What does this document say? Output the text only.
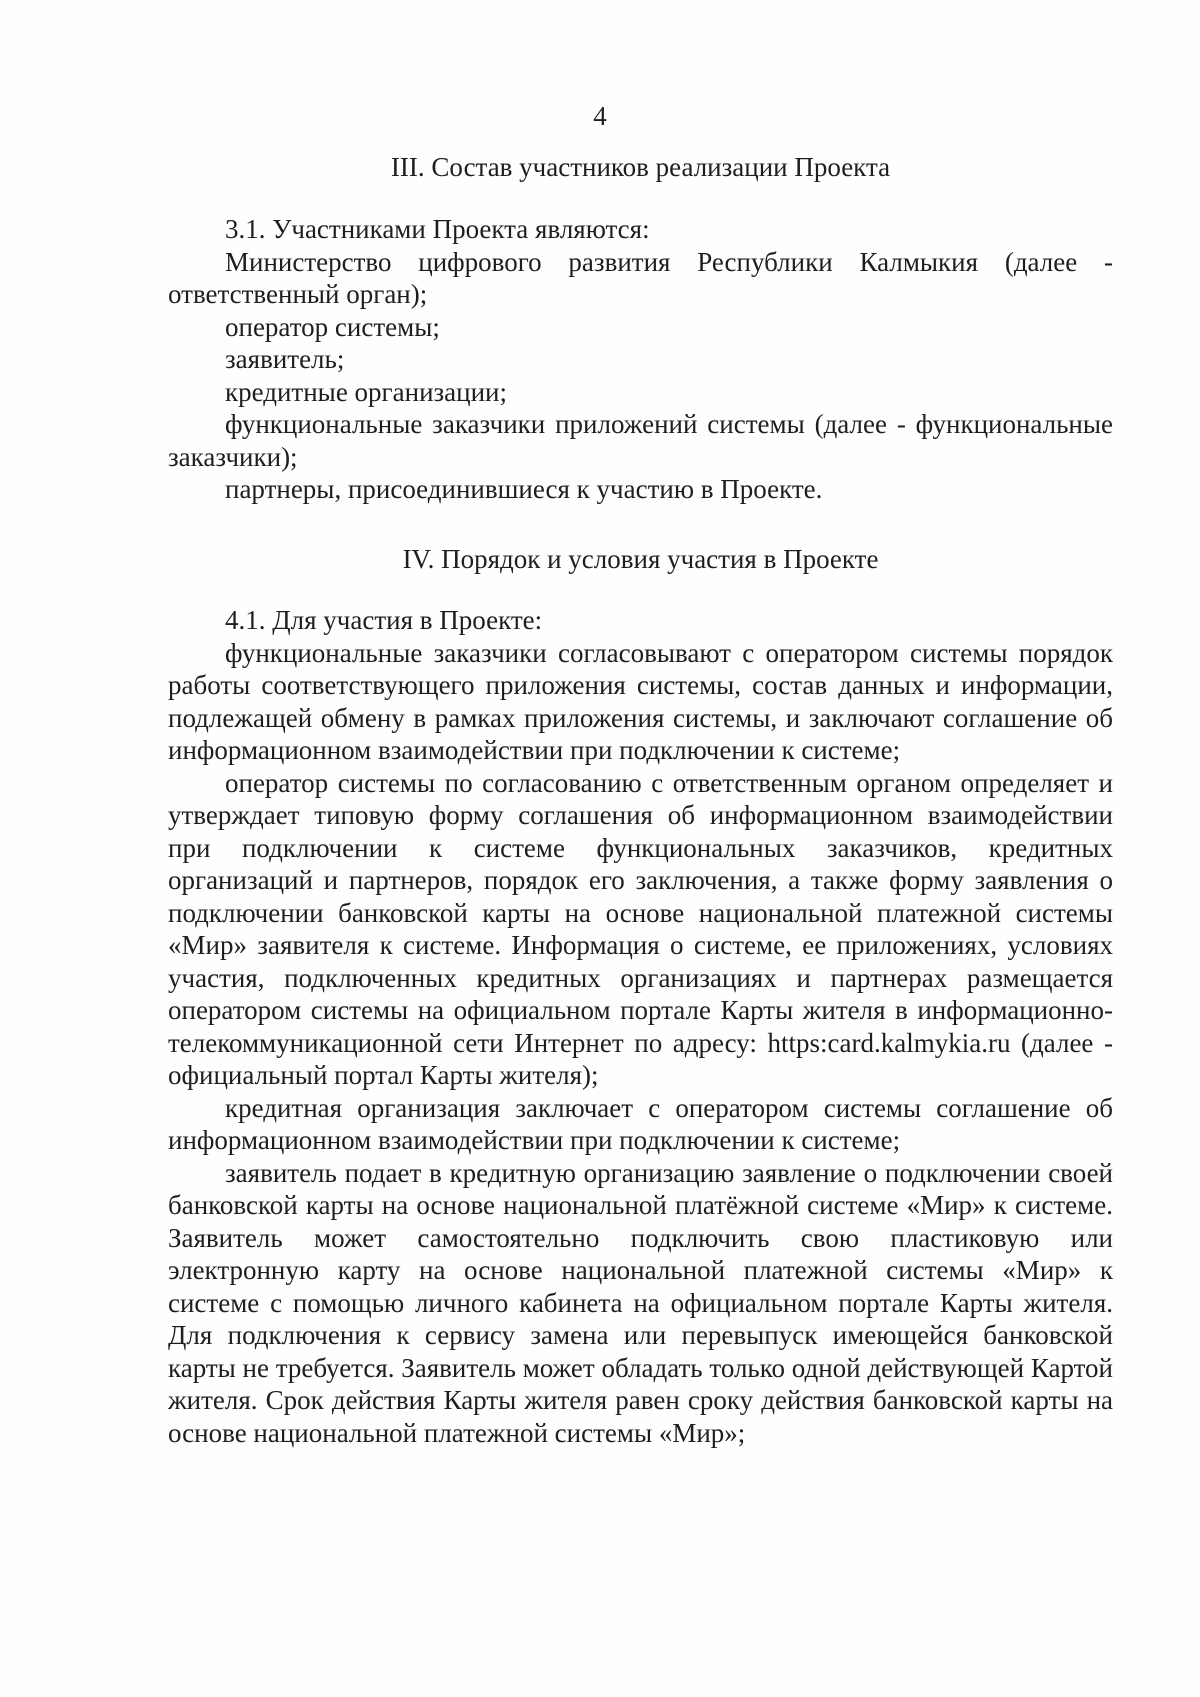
4
III. Состав участников реализации Проекта

3.1. Участниками Проекта являются:

Министерство цифрового развития Республики Калмыкия (далее - ответственный орган);

оператор системы;

заявитель;

кредитные организации;

функциональные заказчики приложений системы (далее - функциональные заказчики);

партнеры, присоединившиеся к участию в Проекте.

IV. Порядок и условия участия в Проекте

4.1. Для участия в Проекте:

функциональные заказчики согласовывают с оператором системы порядок работы соответствующего приложения системы, состав данных и информации, подлежащей обмену в рамках приложения системы, и заключают соглашение об информационном взаимодействии при подключении к системе;

оператор системы по согласованию с ответственным органом определяет и утверждает типовую форму соглашения об информационном взаимодействии при подключении к системе функциональных заказчиков, кредитных организаций и партнеров, порядок его заключения, а также форму заявления о подключении банковской карты на основе национальной платежной системы «Мир» заявителя к системе. Информация о системе, ее приложениях, условиях участия, подключенных кредитных организациях и партнерах размещается оператором системы на официальном портале Карты жителя в информационно-телекоммуникационной сети Интернет по адресу: https:card.kalmykia.ru (далее - официальный портал Карты жителя);

кредитная организация заключает с оператором системы соглашение об информационном взаимодействии при подключении к системе;

заявитель подает в кредитную организацию заявление о подключении своей банковской карты на основе национальной платёжной системе «Мир» к системе. Заявитель может самостоятельно подключить свою пластиковую или электронную карту на основе национальной платежной системы «Мир» к системе с помощью личного кабинета на официальном портале Карты жителя. Для подключения к сервису замена или перевыпуск имеющейся банковской карты не требуется. Заявитель может обладать только одной действующей Картой жителя. Срок действия Карты жителя равен сроку действия банковской карты на основе национальной платежной системы «Мир»;
